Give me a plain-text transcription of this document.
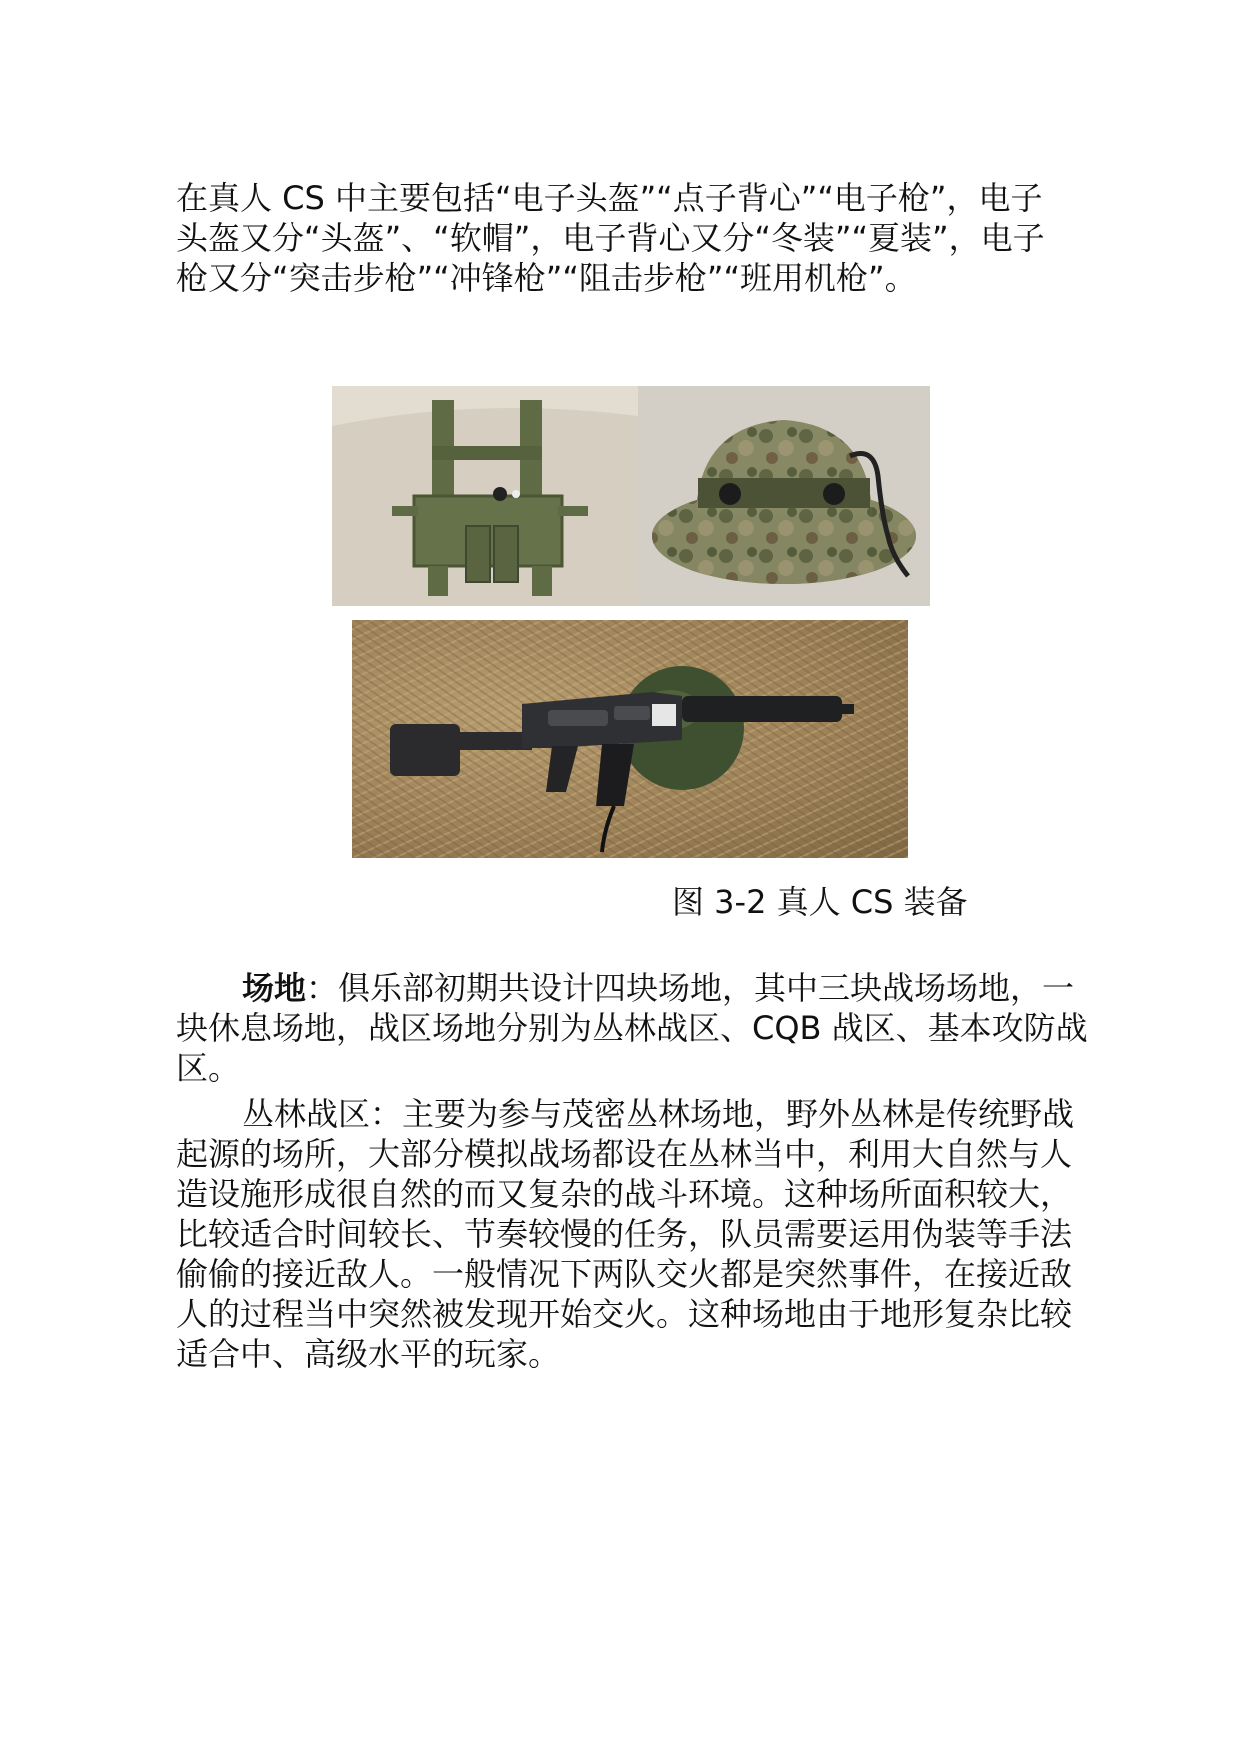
在真人 CS 中主要包括“电子头盔”“点子背心”“电子枪”，电子头盔又分“头盔”、“软帽”，电子背心又分“冬装”“夏装”，电子枪又分“突击步枪”“冲锋枪”“阻击步枪”“班用机枪”。

图 3-2 真人 CS 装备

场地：俱乐部初期共设计四块场地，其中三块战场场地，一块休息场地，战区场地分别为丛林战区、CQB 战区、基本攻防战区。

丛林战区：主要为参与茂密丛林场地，野外丛林是传统野战起源的场所，大部分模拟战场都设在丛林当中，利用大自然与人造设施形成很自然的而又复杂的战斗环境。这种场所面积较大，比较适合时间较长、节奏较慢的任务，队员需要运用伪装等手法偷偷的接近敌人。一般情况下两队交火都是突然事件，在接近敌人的过程当中突然被发现开始交火。这种场地由于地形复杂比较适合中、高级水平的玩家。
